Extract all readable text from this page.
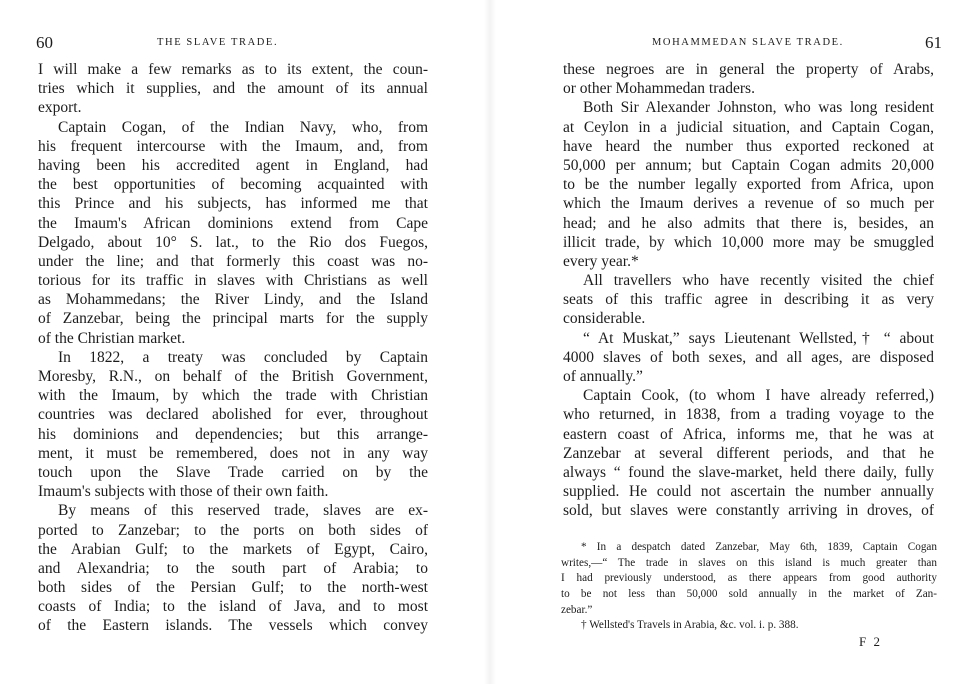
60	THE SLAVE TRADE.
I will make a few remarks as to its extent, the coun-
tries which it supplies, and the amount of its annual
export.
Captain Cogan, of the Indian Navy, who, from
his frequent intercourse with the Imaum, and, from
having been his accredited agent in England, had
the best opportunities of becoming acquainted with
this Prince and his subjects, has informed me that
the Imaum's African dominions extend from Cape
Delgado, about 10° S. lat., to the Rio dos Fuegos,
under the line; and that formerly this coast was no-
torious for its traffic in slaves with Christians as well
as Mohammedans; the River Lindy, and the Island
of Zanzebar, being the principal marts for the supply
of the Christian market.
In 1822, a treaty was concluded by Captain
Moresby, R.N., on behalf of the British Government,
with the Imaum, by which the trade with Christian
countries was declared abolished for ever, throughout
his dominions and dependencies; but this arrange-
ment, it must be remembered, does not in any way
touch upon the Slave Trade carried on by the
Imaum's subjects with those of their own faith.
By means of this reserved trade, slaves are ex-
ported to Zanzebar; to the ports on both sides of
the Arabian Gulf; to the markets of Egypt, Cairo,
and Alexandria; to the south part of Arabia; to
both sides of the Persian Gulf; to the north-west
coasts of India; to the island of Java, and to most
of the Eastern islands. The vessels which convey
MOHAMMEDAN SLAVE TRADE.	61
these negroes are in general the property of Arabs,
or other Mohammedan traders.
Both Sir Alexander Johnston, who was long resident
at Ceylon in a judicial situation, and Captain Cogan,
have heard the number thus exported reckoned at
50,000 per annum; but Captain Cogan admits 20,000
to be the number legally exported from Africa, upon
which the Imaum derives a revenue of so much per
head; and he also admits that there is, besides, an
illicit trade, by which 10,000 more may be smuggled
every year.*
All travellers who have recently visited the chief
seats of this traffic agree in describing it as very
considerable.
“ At Muskat,” says Lieutenant Wellsted,† “ about
4000 slaves of both sexes, and all ages, are disposed
of annually.”
Captain Cook, (to whom I have already referred,)
who returned, in 1838, from a trading voyage to the
eastern coast of Africa, informs me, that he was at
Zanzebar at several different periods, and that he
always “ found the slave-market, held there daily, fully
supplied. He could not ascertain the number annually
sold, but slaves were constantly arriving in droves, of
* In a despatch dated Zanzebar, May 6th, 1839, Captain Cogan
writes,—“ The trade in slaves on this island is much greater than
I had previously understood, as there appears from good authority
to be not less than 50,000 sold annually in the market of Zan-
zebar.”
† Wellsted's Travels in Arabia, &c. vol. i. p. 388.
F 2
